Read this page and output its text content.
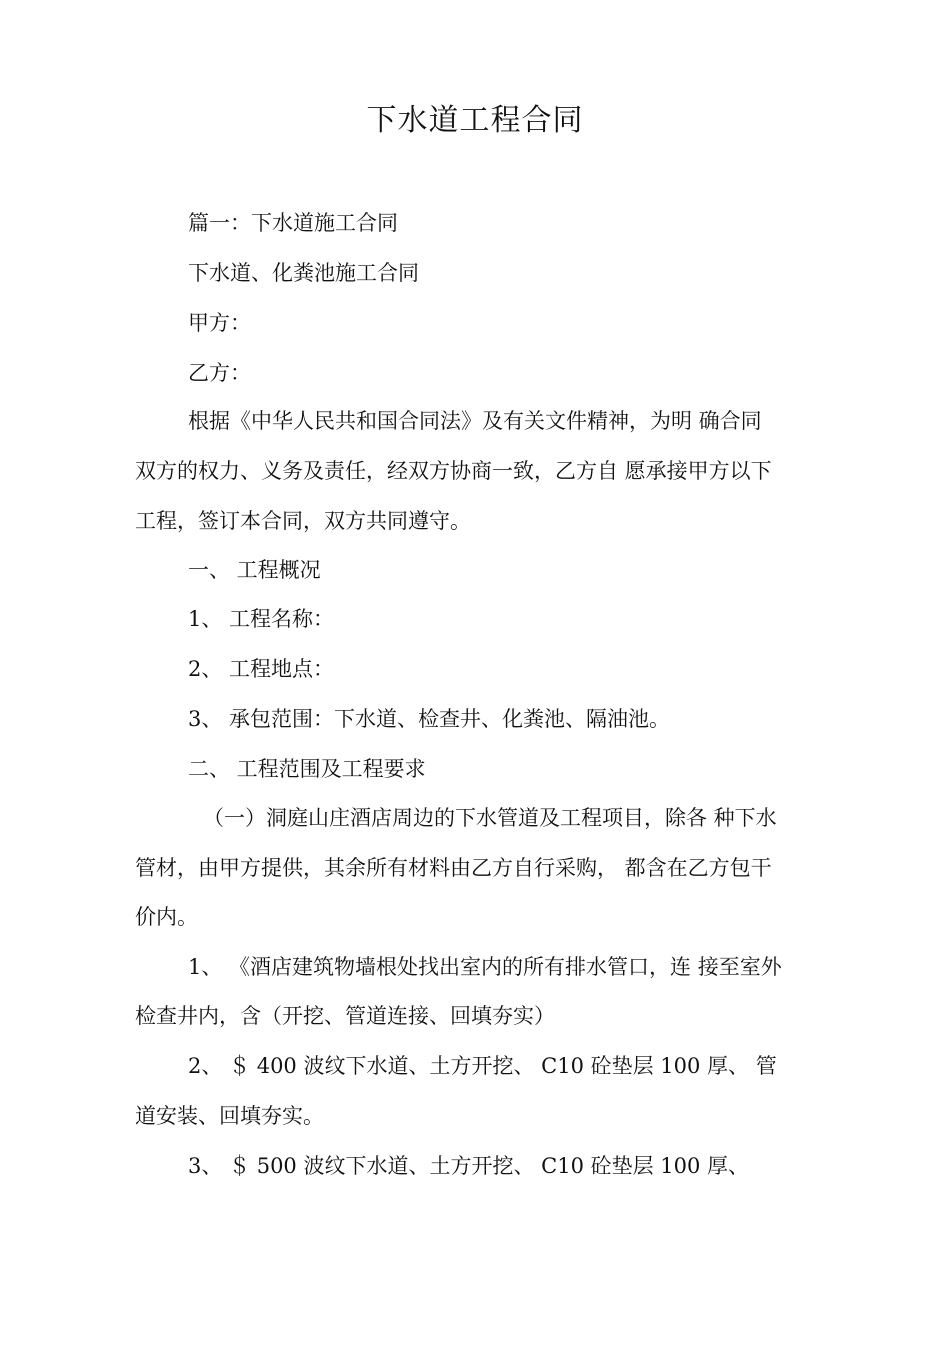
下水道工程合同
篇一：下水道施工合同
下水道、化粪池施工合同
甲方：
乙方：
根据《中华人民共和国合同法》及有关文件精神，为明 确合同
双方的权力、义务及责任，经双方协商一致，乙方自 愿承接甲方以下
工程，签订本合同，双方共同遵守。
一、 工程概况
1、 工程名称：
2、 工程地点：
3、 承包范围：下水道、检查井、化粪池、隔油池。
二、 工程范围及工程要求
（一）洞庭山庄酒店周边的下水管道及工程项目，除各 种下水
管材，由甲方提供，其余所有材料由乙方自行采购， 都含在乙方包干
价内。
1、 《酒店建筑物墙根处找出室内的所有排水管口，连 接至室外
检查井内，含（开挖、管道连接、回填夯实）
2、 ＄ 400 波纹下水道、土方开挖、 C10 砼垫层 100 厚、 管
道安装、回填夯实。
3、 ＄ 500 波纹下水道、土方开挖、 C10 砼垫层 100 厚、
